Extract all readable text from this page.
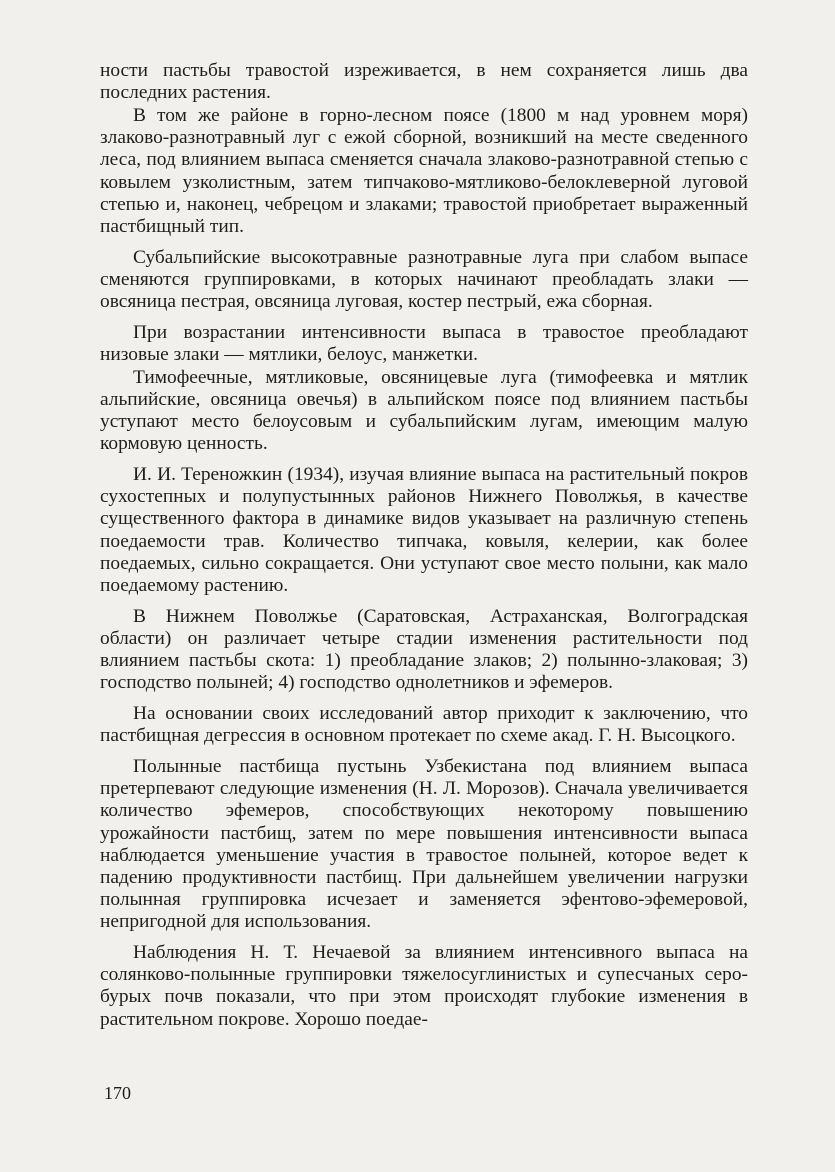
ности пастьбы травостой изреживается, в нем сохраняется лишь два последних растения.

В том же районе в горно-лесном поясе (1800 м над уровнем моря) злаково-разнотравный луг с ежой сборной, возникший на месте сведенного леса, под влиянием выпаса сменяется сначала злаково-разнотравной степью с ковылем узколистным, затем типчаково-мятликово-белоклеверной луговой степью и, наконец, чебрецом и злаками; травостой приобретает выраженный пастбищный тип.

Субальпийские высокотравные разнотравные луга при слабом выпасе сменяются группировками, в которых начинают преобладать злаки — овсяница пестрая, овсяница луговая, костер пестрый, ежа сборная.

При возрастании интенсивности выпаса в травостое преобладают низовые злаки — мятлики, белоус, манжетки.

Тимофеечные, мятликовые, овсяницевые луга (тимофеевка и мятлик альпийские, овсяница овечья) в альпийском поясе под влиянием пастьбы уступают место белоусовым и субальпийским лугам, имеющим малую кормовую ценность.

И. И. Тереножкин (1934), изучая влияние выпаса на растительный покров сухостепных и полупустынных районов Нижнего Поволжья, в качестве существенного фактора в динамике видов указывает на различную степень поедаемости трав. Количество типчака, ковыля, келерии, как более поедаемых, сильно сокращается. Они уступают свое место полыни, как мало поедаемому растению.

В Нижнем Поволжье (Саратовская, Астраханская, Волгоградская области) он различает четыре стадии изменения растительности под влиянием пастьбы скота: 1) преобладание злаков; 2) полынно-злаковая; 3) господство полыней; 4) господство однолетников и эфемеров.

На основании своих исследований автор приходит к заключению, что пастбищная дегрессия в основном протекает по схеме акад. Г. Н. Высоцкого.

Полынные пастбища пустынь Узбекистана под влиянием выпаса претерпевают следующие изменения (Н. Л. Морозов). Сначала увеличивается количество эфемеров, способствующих некоторому повышению урожайности пастбищ, затем по мере повышения интенсивности выпаса наблюдается уменьшение участия в травостое полыней, которое ведет к падению продуктивности пастбищ. При дальнейшем увеличении нагрузки полынная группировка исчезает и заменяется эфентово-эфемеровой, непригодной для использования.

Наблюдения Н. Т. Нечаевой за влиянием интенсивного выпаса на солянково-полынные группировки тяжелосуглинистых и супесчаных серо-бурых почв показали, что при этом происходят глубокие изменения в растительном покрове. Хорошо поедае-

170
